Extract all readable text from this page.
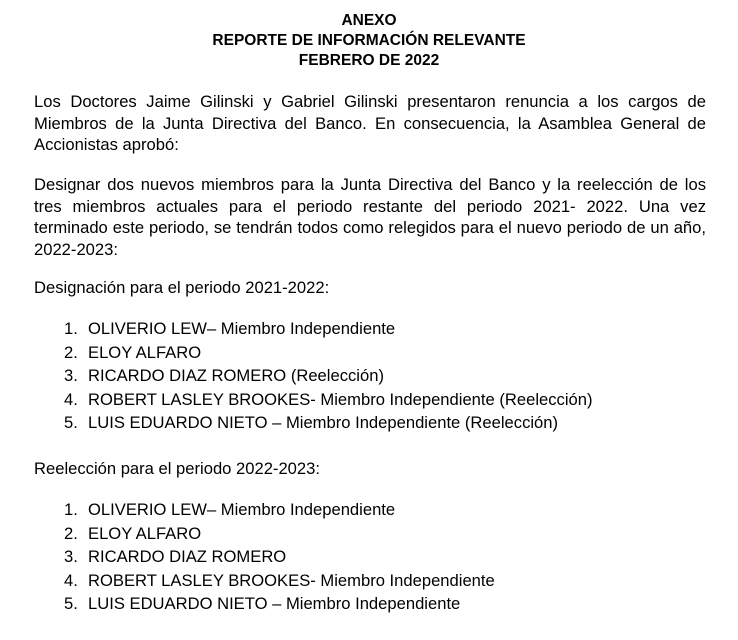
ANEXO
REPORTE DE INFORMACIÓN RELEVANTE
FEBRERO DE 2022

Los Doctores Jaime Gilinski y Gabriel Gilinski presentaron renuncia a los cargos de Miembros de la Junta Directiva del Banco. En consecuencia, la Asamblea General de Accionistas aprobó:

Designar dos nuevos miembros para la Junta Directiva del Banco y la reelección de los tres miembros actuales para el periodo restante del periodo 2021- 2022. Una vez terminado este periodo, se tendrán todos como relegidos para el nuevo periodo de un año, 2022-2023:

Designación para el periodo 2021-2022:

1. OLIVERIO LEW– Miembro Independiente
2. ELOY ALFARO
3. RICARDO DIAZ ROMERO (Reelección)
4. ROBERT LASLEY BROOKES- Miembro Independiente (Reelección)
5. LUIS EDUARDO NIETO – Miembro Independiente (Reelección)

Reelección para el periodo 2022-2023:

1. OLIVERIO LEW– Miembro Independiente
2. ELOY ALFARO
3. RICARDO DIAZ ROMERO
4. ROBERT LASLEY BROOKES- Miembro Independiente
5. LUIS EDUARDO NIETO – Miembro Independiente
